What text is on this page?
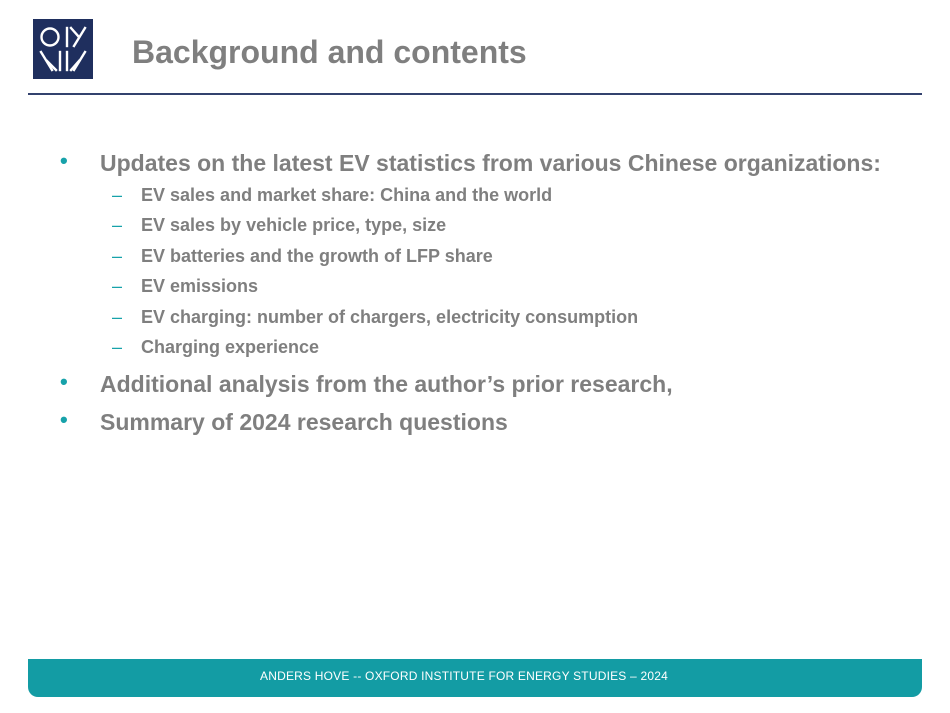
Background and contents
• Updates on the latest EV statistics from various Chinese organizations:
– EV sales and market share: China and the world
– EV sales by vehicle price, type, size
– EV batteries and the growth of LFP share
– EV emissions
– EV charging: number of chargers, electricity consumption
– Charging experience
• Additional analysis from the author’s prior research,
• Summary of 2024 research questions
ANDERS HOVE -- OXFORD INSTITUTE FOR ENERGY STUDIES – 2024
